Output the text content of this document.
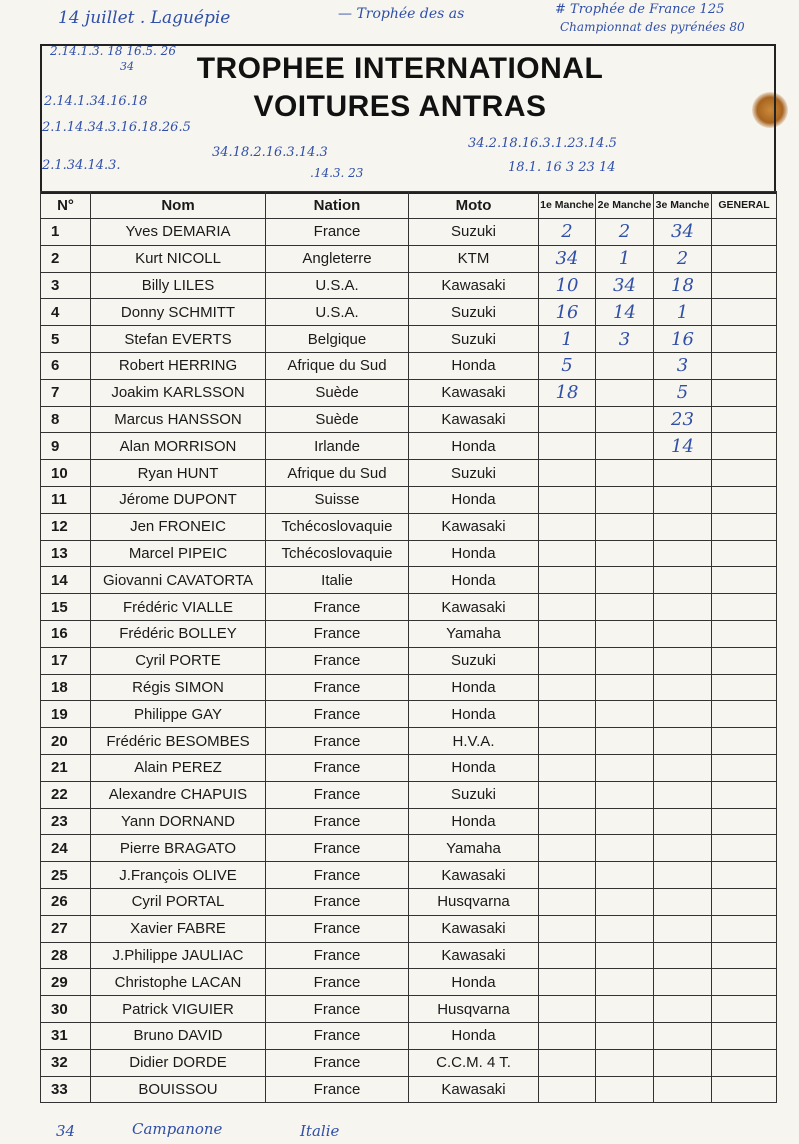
14 juillet . Laguépie	— Trophée des as	# Trophée de France 125
Championnat des pyrénées 80
TROPHEE INTERNATIONAL
VOITURES ANTRAS
2.14.1.3. 18 16.5. 26
34
2.14.1.34.16.18
2.1.14.34.3.16.18.26.5
2.1.34.14.3.
34.18.2.16.3.14.3
.14.3. 23
34.2.18.16.3.1.23.14.5
18.1. 16 3 23 14
N°	Nom	Nation	Moto	1e Manche	2e Manche	3e Manche	GENERAL
1	Yves DEMARIA	France	Suzuki	2	2	34	
2	Kurt NICOLL	Angleterre	KTM	34	1	2	
3	Billy LILES	U.S.A.	Kawasaki	10	34	18	
4	Donny SCHMITT	U.S.A.	Suzuki	16	14	1	
5	Stefan EVERTS	Belgique	Suzuki	1	3	16	
6	Robert HERRING	Afrique du Sud	Honda	5		3	
7	Joakim KARLSSON	Suède	Kawasaki	18		5	
8	Marcus HANSSON	Suède	Kawasaki			23	
9	Alan MORRISON	Irlande	Honda			14	
10	Ryan HUNT	Afrique du Sud	Suzuki				
11	Jérome DUPONT	Suisse	Honda				
12	Jen FRONEIC	Tchécoslovaquie	Kawasaki				
13	Marcel PIPEIC	Tchécoslovaquie	Honda				
14	Giovanni CAVATORTA	Italie	Honda				
15	Frédéric VIALLE	France	Kawasaki				
16	Frédéric BOLLEY	France	Yamaha				
17	Cyril PORTE	France	Suzuki				
18	Régis SIMON	France	Honda				
19	Philippe GAY	France	Honda				
20	Frédéric BESOMBES	France	H.V.A.				
21	Alain PEREZ	France	Honda				
22	Alexandre CHAPUIS	France	Suzuki				
23	Yann DORNAND	France	Honda				
24	Pierre BRAGATO	France	Yamaha				
25	J.François OLIVE	France	Kawasaki				
26	Cyril PORTAL	France	Husqvarna				
27	Xavier FABRE	France	Kawasaki				
28	J.Philippe JAULIAC	France	Kawasaki				
29	Christophe LACAN	France	Honda				
30	Patrick VIGUIER	France	Husqvarna				
31	Bruno DAVID	France	Honda				
32	Didier DORDE	France	C.C.M. 4 T.				
33	BOUISSOU	France	Kawasaki				
34	Campanone	Italie
